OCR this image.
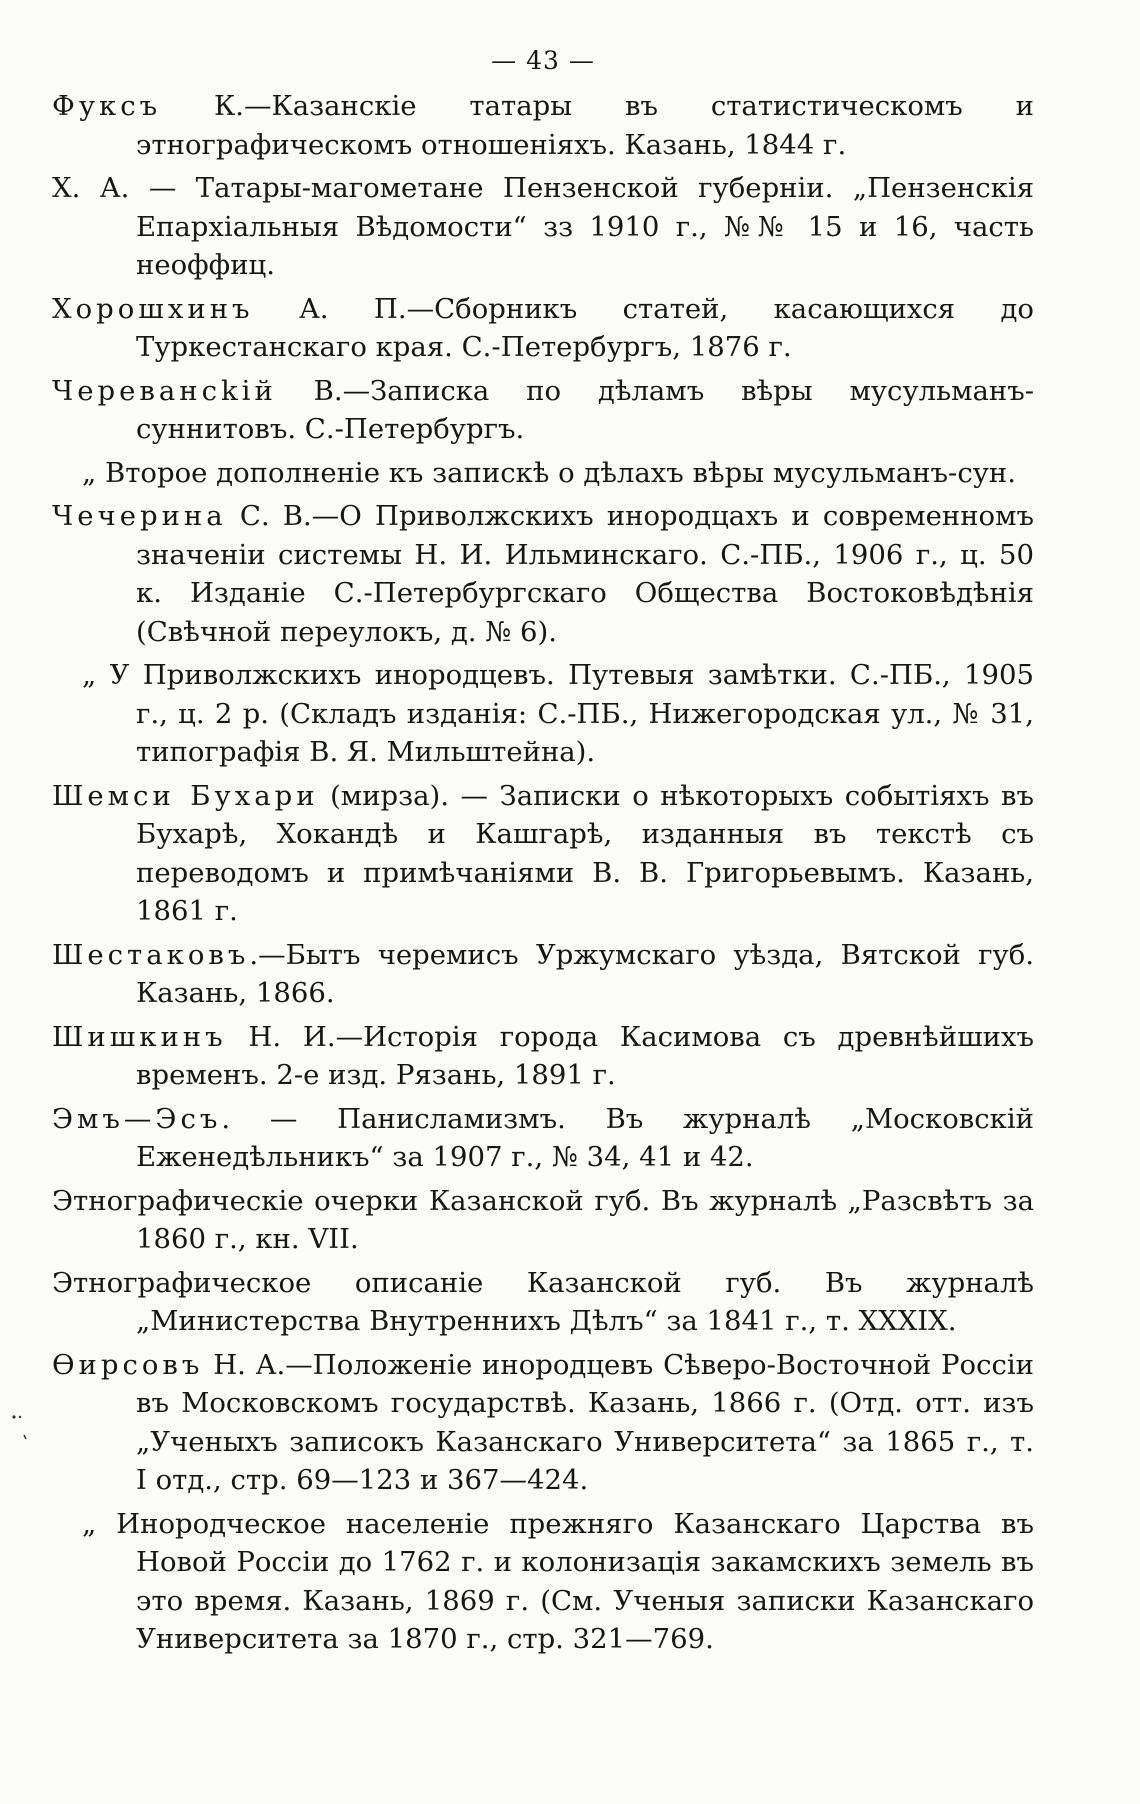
— 43 —
Фуксъ К.—Казанскіе татары въ статистическомъ и этнографическомъ отношеніяхъ. Казань, 1844 г.
Х. А. — Татары-магометане Пензенской губерніи. „Пензенскія Епархіальныя Вѣдомости“ зз 1910 г., №№ 15 и 16, часть неоффиц.
Хорошхинъ А. П.—Сборникъ статей, касающихся до Туркестанскаго края. С.-Петербургъ, 1876 г.
Черевансkій В.—Записка по дѣламъ вѣры мусульманъ-суннитовъ. С.-Петербургъ.
„ Второе дополненіе къ запискѣ о дѣлахъ вѣры мусульманъ-сун.
Чечерина С. В.—О Приволжскихъ инородцахъ и современномъ значеніи системы Н. И. Ильминскаго. С.-ПБ., 1906 г., ц. 50 к. Изданіе С.-Петербургскаго Общества Востоковѣдѣнія (Свѣчной переулокъ, д. № 6).
„ У Приволжскихъ инородцевъ. Путевыя замѣтки. С.-ПБ., 1905 г., ц. 2 р. (Складъ изданія: С.-ПБ., Нижегородская ул., № 31, типографія В. Я. Мильштейна).
Шемси Бухари (мирза). — Записки о нѣкоторыхъ событіяхъ въ Бухарѣ, Хокандѣ и Кашгарѣ, изданныя въ текстѣ съ переводомъ и примѣчаніями В. В. Григорьевымъ. Казань, 1861 г.
Шестаковъ.—Бытъ черемисъ Уржумскаго уѣзда, Вятской губ. Казань, 1866.
Шишкинъ Н. И.—Исторія города Касимова съ древнѣйшихъ временъ. 2-е изд. Рязань, 1891 г.
Эмъ—Эсъ. — Панисламизмъ. Въ журналѣ „Московскій Еженедѣльникъ“ за 1907 г., № 34, 41 и 42.
Этнографическіе очерки Казанской губ. Въ журналѣ „Разсвѣтъ за 1860 г., кн. VII.
Этнографическое описаніе Казанской губ. Въ журналѣ „Министерства Внутреннихъ Дѣлъ“ за 1841 г., т. XXXIX.
Ѳирсовъ Н. А.—Положеніе инородцевъ Сѣверо-Восточной Россіи въ Московскомъ государствѣ. Казань, 1866 г. (Отд. отт. изъ „Ученыхъ записокъ Казанскаго Университета“ за 1865 г., т. I отд., стр. 69—123 и 367—424.
„ Инородческое населеніе прежняго Казанскаго Царства въ Новой Россіи до 1762 г. и колонизація закамскихъ земель въ это время. Казань, 1869 г. (См. Ученыя записки Казанскаго Университета за 1870 г., стр. 321—769.
